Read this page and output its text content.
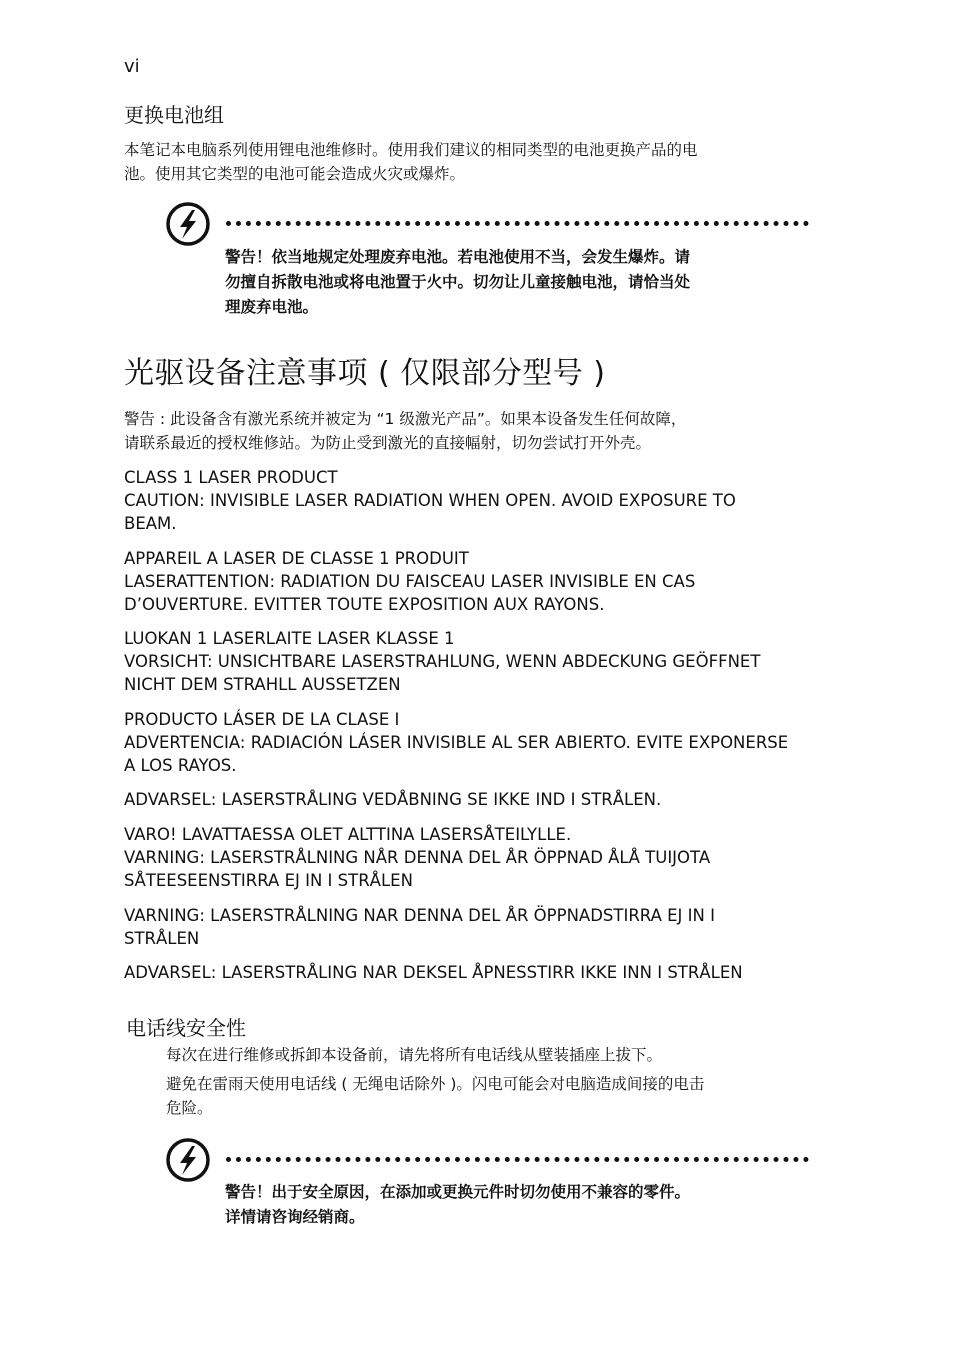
vi
更换电池组
本笔记本电脑系列使用锂电池维修时。使用我们建议的相同类型的电池更换产品的电
池。使用其它类型的电池可能会造成火灾或爆炸。
警告！依当地规定处理废弃电池。若电池使用不当，会发生爆炸。请
勿擅自拆散电池或将电池置于火中。切勿让儿童接触电池，请恰当处
理废弃电池。
光驱设备注意事项 ( 仅限部分型号 )
警告 : 此设备含有激光系统并被定为 “1 级激光产品”。如果本设备发生任何故障，
请联系最近的授权维修站。为防止受到激光的直接幅射，切勿尝试打开外壳。
CLASS 1 LASER PRODUCT
CAUTION: INVISIBLE LASER RADIATION WHEN OPEN. AVOID EXPOSURE TO
BEAM.
APPAREIL A LASER DE CLASSE 1 PRODUIT
LASERATTENTION: RADIATION DU FAISCEAU LASER INVISIBLE EN CAS
D’OUVERTURE. EVITTER TOUTE EXPOSITION AUX RAYONS.
LUOKAN 1 LASERLAITE LASER KLASSE 1
VORSICHT: UNSICHTBARE LASERSTRAHLUNG, WENN ABDECKUNG GEÖFFNET
NICHT DEM STRAHLL AUSSETZEN
PRODUCTO LÁSER DE LA CLASE I
ADVERTENCIA: RADIACIÓN LÁSER INVISIBLE AL SER ABIERTO. EVITE EXPONERSE
A LOS RAYOS.
ADVARSEL: LASERSTRÅLING VEDÅBNING SE IKKE IND I STRÅLEN.
VARO! LAVATTAESSA OLET ALTTINA LASERSÅTEILYLLE.
VARNING: LASERSTRÅLNING NÅR DENNA DEL ÅR ÖPPNAD ÅLÅ TUIJOTA
SÅTEESEENSTIRRA EJ IN I STRÅLEN
VARNING: LASERSTRÅLNING NAR DENNA DEL ÅR ÖPPNADSTIRRA EJ IN I
STRÅLEN
ADVARSEL: LASERSTRÅLING NAR DEKSEL ÅPNESSTIRR IKKE INN I STRÅLEN
电话线安全性
每次在进行维修或拆卸本设备前，请先将所有电话线从壁装插座上拔下。
避免在雷雨天使用电话线 ( 无绳电话除外 )。闪电可能会对电脑造成间接的电击
危险。
警告！出于安全原因，在添加或更换元件时切勿使用不兼容的零件。
详情请咨询经销商。
